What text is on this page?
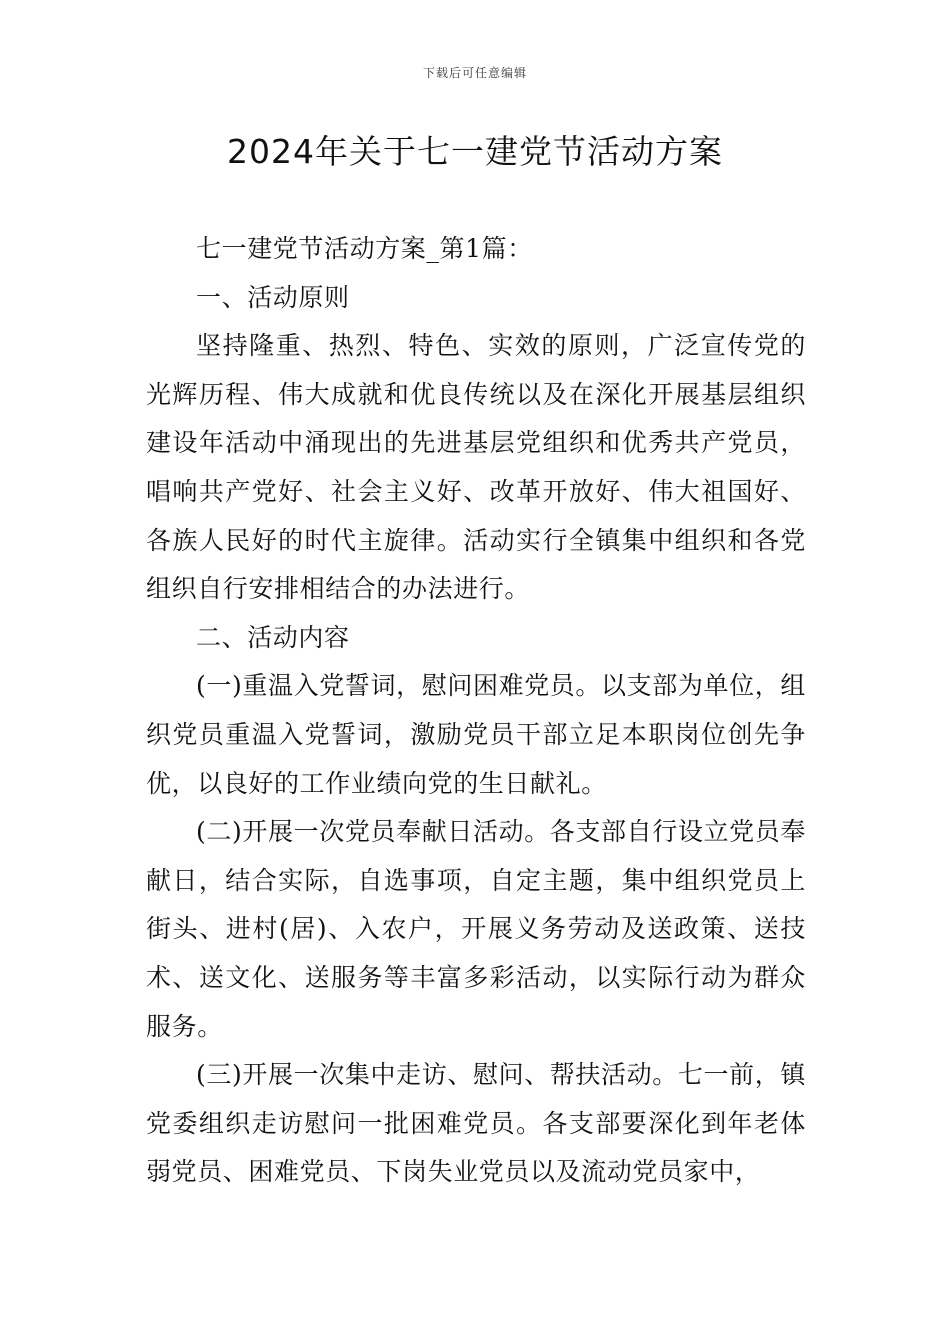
下载后可任意编辑
2024年关于七一建党节活动方案

七一建党节活动方案_第1篇：

一、活动原则

坚持隆重、热烈、特色、实效的原则，广泛宣传党的光辉历程、伟大成就和优良传统以及在深化开展基层组织建设年活动中涌现出的先进基层党组织和优秀共产党员，唱响共产党好、社会主义好、改革开放好、伟大祖国好、各族人民好的时代主旋律。活动实行全镇集中组织和各党组织自行安排相结合的办法进行。

二、活动内容

(一)重温入党誓词，慰问困难党员。以支部为单位，组织党员重温入党誓词，激励党员干部立足本职岗位创先争优，以良好的工作业绩向党的生日献礼。

(二)开展一次党员奉献日活动。各支部自行设立党员奉献日，结合实际，自选事项，自定主题，集中组织党员上街头、进村(居)、入农户，开展义务劳动及送政策、送技术、送文化、送服务等丰富多彩活动，以实际行动为群众服务。

(三)开展一次集中走访、慰问、帮扶活动。七一前，镇党委组织走访慰问一批困难党员。各支部要深化到年老体弱党员、困难党员、下岗失业党员以及流动党员家中，
